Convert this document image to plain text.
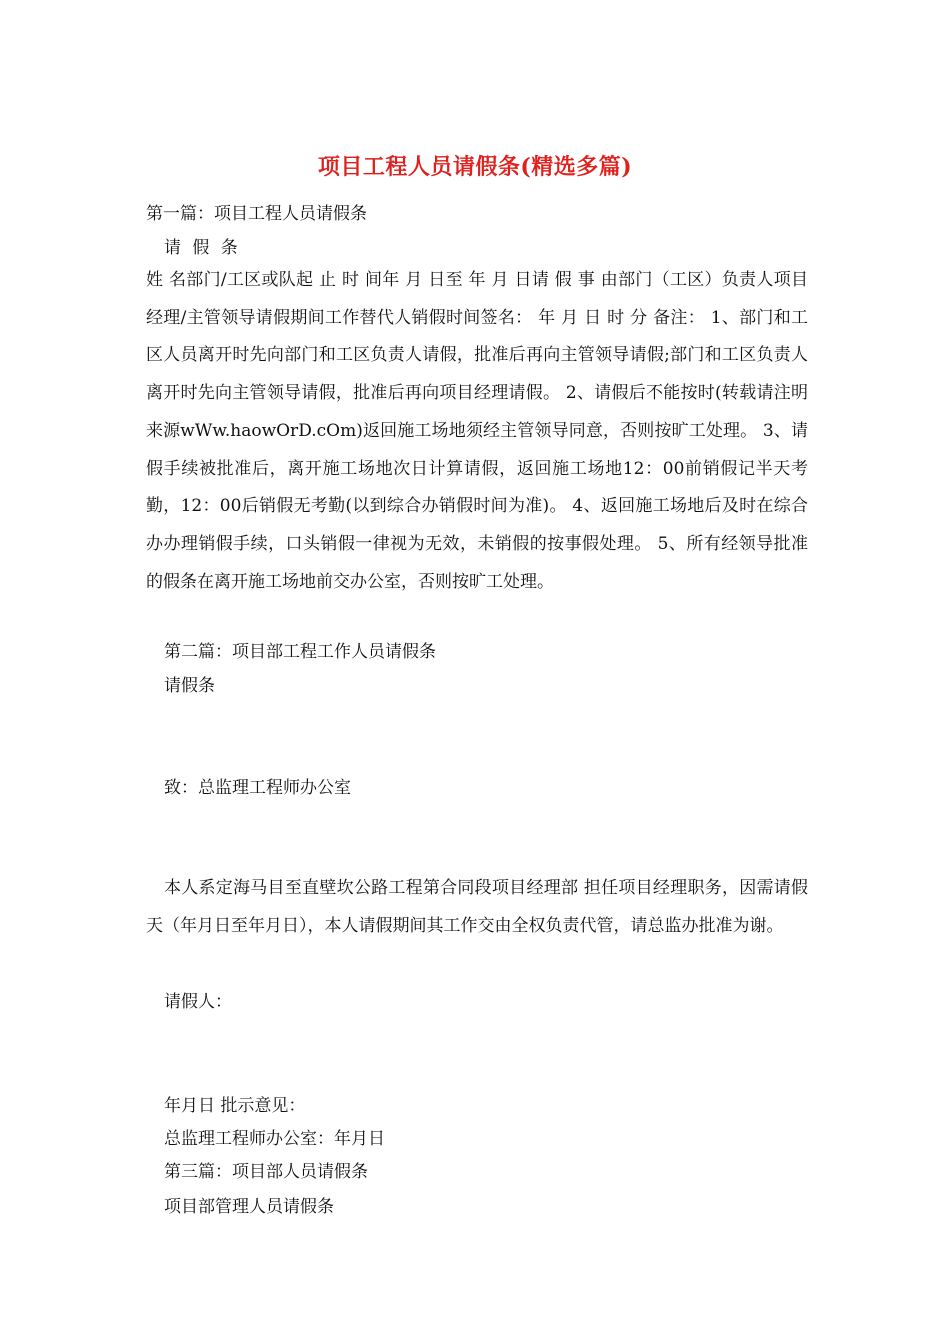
项目工程人员请假条(精选多篇)
第一篇：项目工程人员请假条
请 假 条
姓 名部门/工区或队起 止 时 间年 月 日至 年 月 日请 假 事 由部门（工区）负责人项目经理/主管领导请假期间工作替代人销假时间签名： 年 月 日 时 分 备注： 1、部门和工区人员离开时先向部门和工区负责人请假，批准后再向主管领导请假;部门和工区负责人离开时先向主管领导请假，批准后再向项目经理请假。 2、请假后不能按时(转载请注明来源wWw.haowOrD.cOm)返回施工场地须经主管领导同意，否则按旷工处理。 3、请假手续被批准后，离开施工场地次日计算请假，返回施工场地12：00前销假记半天考勤，12：00后销假无考勤(以到综合办销假时间为准)。 4、返回施工场地后及时在综合办办理销假手续，口头销假一律视为无效，未销假的按事假处理。 5、所有经领导批准的假条在离开施工场地前交办公室，否则按旷工处理。
第二篇：项目部工程工作人员请假条
请假条
致：总监理工程师办公室
本人系定海马目至直壁坎公路工程第合同段项目经理部 担任项目经理职务，因需请假天（年月日至年月日），本人请假期间其工作交由全权负责代管，请总监办批准为谢。
请假人：
年月日 批示意见：
总监理工程师办公室：年月日
第三篇：项目部人员请假条
项目部管理人员请假条
